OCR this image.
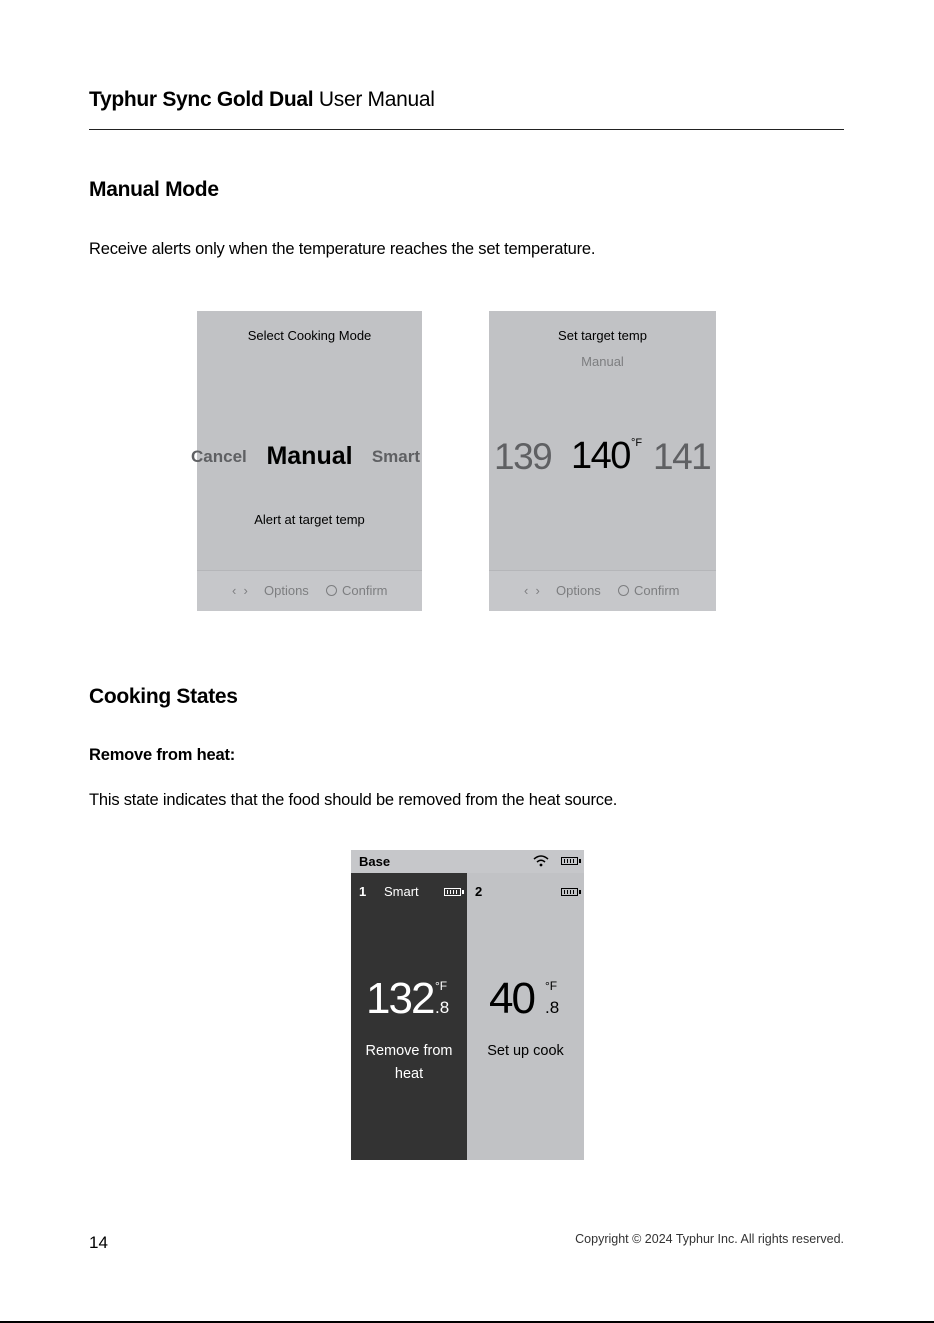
Typhur Sync Gold Dual User Manual
Manual Mode
Receive alerts only when the temperature reaches the set temperature.
Select Cooking Mode
Cancel Manual	Smart
Alert at target temp
‹  › Options	Confirm
Set target temp
Manual
139 140 °F 141
‹  › Options	Confirm
Cooking States
Remove from heat:
This state indicates that the food should be removed from the heat source.
Base
1 Smart
132 °F
.8
Remove from
heat
2
40 °F
.8
Set up cook
14	Copyright © 2024 Typhur Inc. All rights reserved.
